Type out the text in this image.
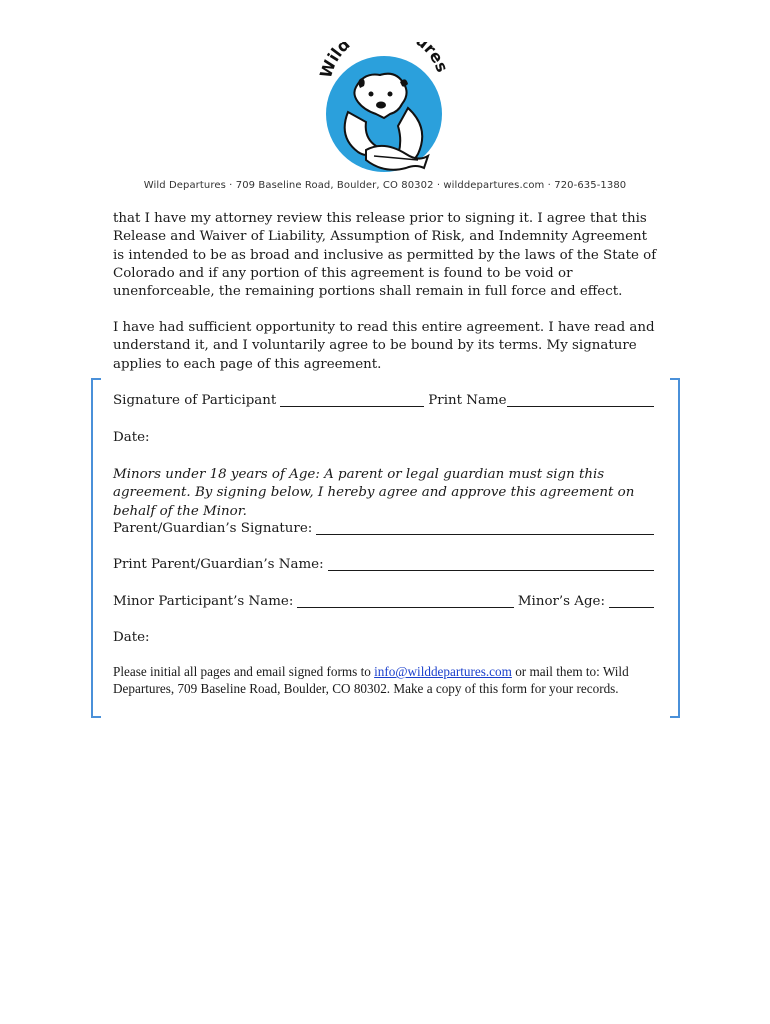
Wild res
Wild Departures · 709 Baseline Road, Boulder, CO 80302 · wilddepartures.com · 720-635-1380

that I have my attorney review this release prior to signing it. I agree that this Release and Waiver of Liability, Assumption of Risk, and Indemnity Agreement is intended to be as broad and inclusive as permitted by the laws of the State of Colorado and if any portion of this agreement is found to be void or unenforceable, the remaining portions shall remain in full force and effect.

I have had sufficient opportunity to read this entire agreement. I have read and understand it, and I voluntarily agree to be bound by its terms. My signature applies to each page of this agreement.

Signature of Participant	Print Name
Date:

Minors under 18 years of Age: A parent or legal guardian must sign this agreement. By signing below, I hereby agree and approve this agreement on behalf of the Minor.

Parent/Guardian’s Signature:
Print Parent/Guardian’s Name:
Minor Participant’s Name:	Minor’s Age:
Date:

Please initial all pages and email signed forms to info@wilddepartures.com or mail them to: Wild Departures, 709 Baseline Road, Boulder, CO 80302. Make a copy of this form for your records.
